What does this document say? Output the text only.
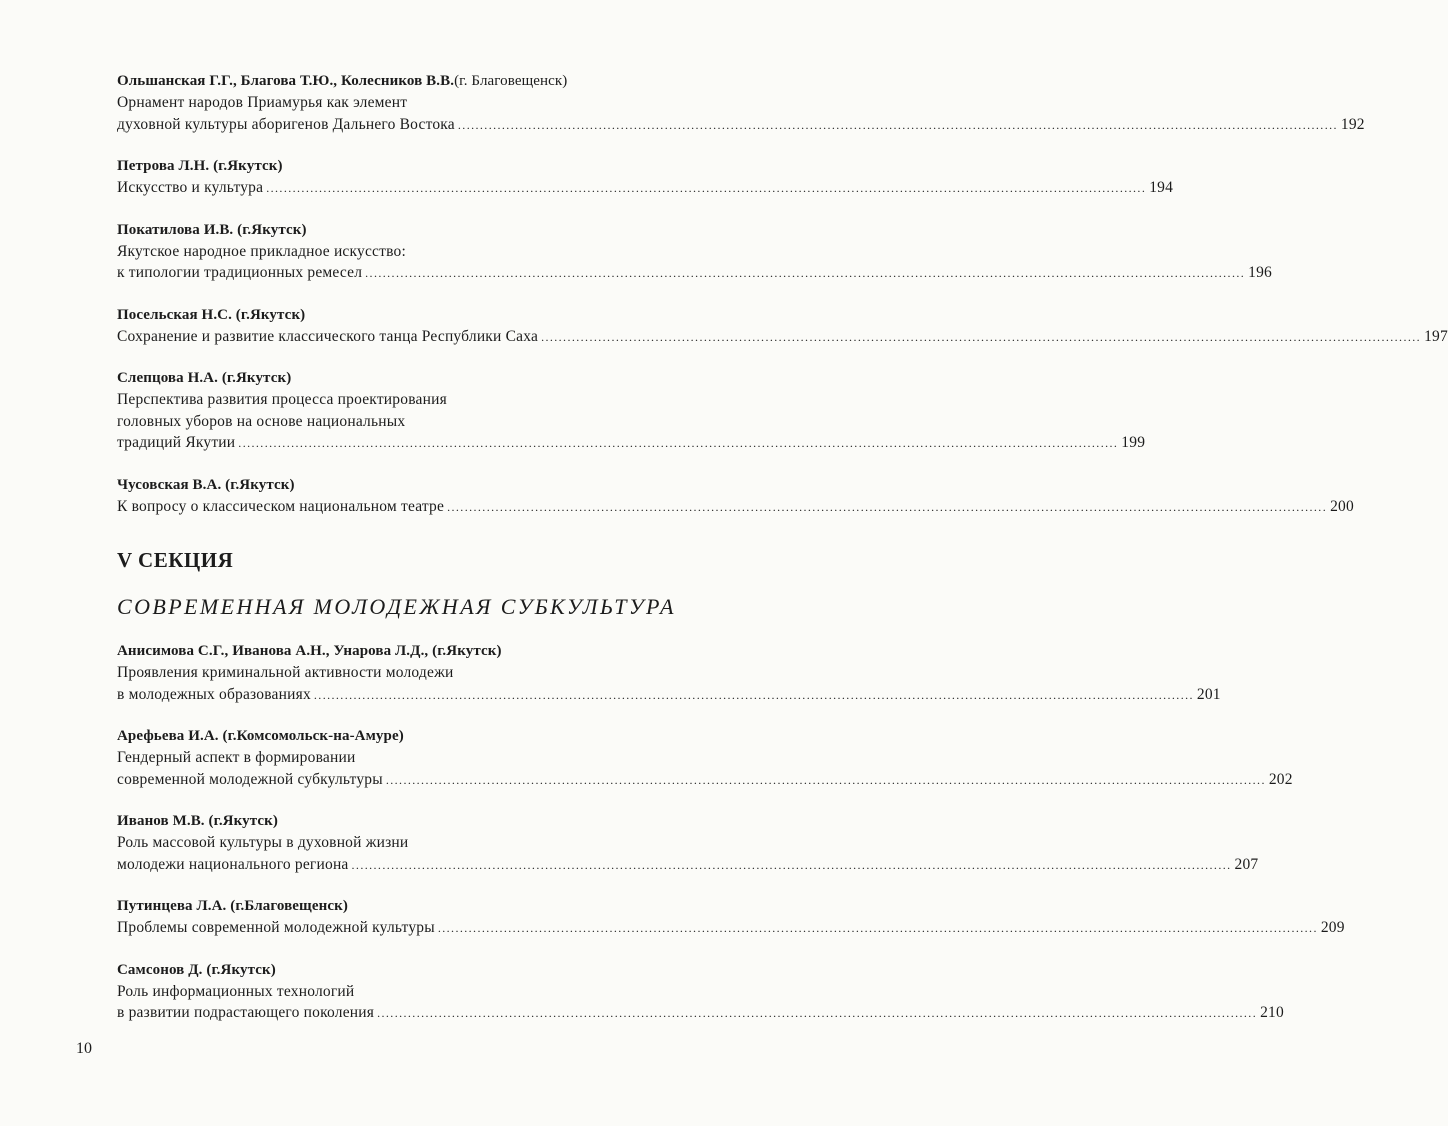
Ольшанская Г.Г., Благова Т.Ю., Колесников В.В.(г. Благовещенск)
Орнамент народов Приамурья как элемент
духовной культуры аборигенов Дальнего Востока ........................................................................................................................................................................................................ 192
Петрова Л.Н. (г.Якутск)
Искусство и культура ........................................................................................................................................................................................................ 194
Покатилова И.В. (г.Якутск)
Якутское народное прикладное искусство:
к типологии традиционных ремесел ........................................................................................................................................................................................................ 196
Посельская Н.С. (г.Якутск)
Сохранение и развитие классического танца Республики Саха ........................................................................................................................................................................................................ 197
Слепцова Н.А. (г.Якутск)
Перспектива развития процесса проектирования
головных уборов на основе национальных
традиций Якутии ........................................................................................................................................................................................................ 199
Чусовская В.А. (г.Якутск)
К вопросу о классическом национальном театре ........................................................................................................................................................................................................ 200
V СЕКЦИЯ
СОВРЕМЕННАЯ МОЛОДЕЖНАЯ СУБКУЛЬТУРА
Анисимова С.Г., Иванова А.Н., Унарова Л.Д., (г.Якутск)
Проявления криминальной активности молодежи
в молодежных образованиях ........................................................................................................................................................................................................ 201
Арефьева И.А. (г.Комсомольск-на-Амуре)
Гендерный аспект в формировании
современной молодежной субкультуры ........................................................................................................................................................................................................ 202
Иванов М.В. (г.Якутск)
Роль массовой культуры в духовной жизни
молодежи национального региона ........................................................................................................................................................................................................ 207
Путинцева Л.А. (г.Благовещенск)
Проблемы современной молодежной культуры ........................................................................................................................................................................................................ 209
Самсонов Д. (г.Якутск)
Роль информационных технологий
в развитии подрастающего поколения ........................................................................................................................................................................................................ 210
10
